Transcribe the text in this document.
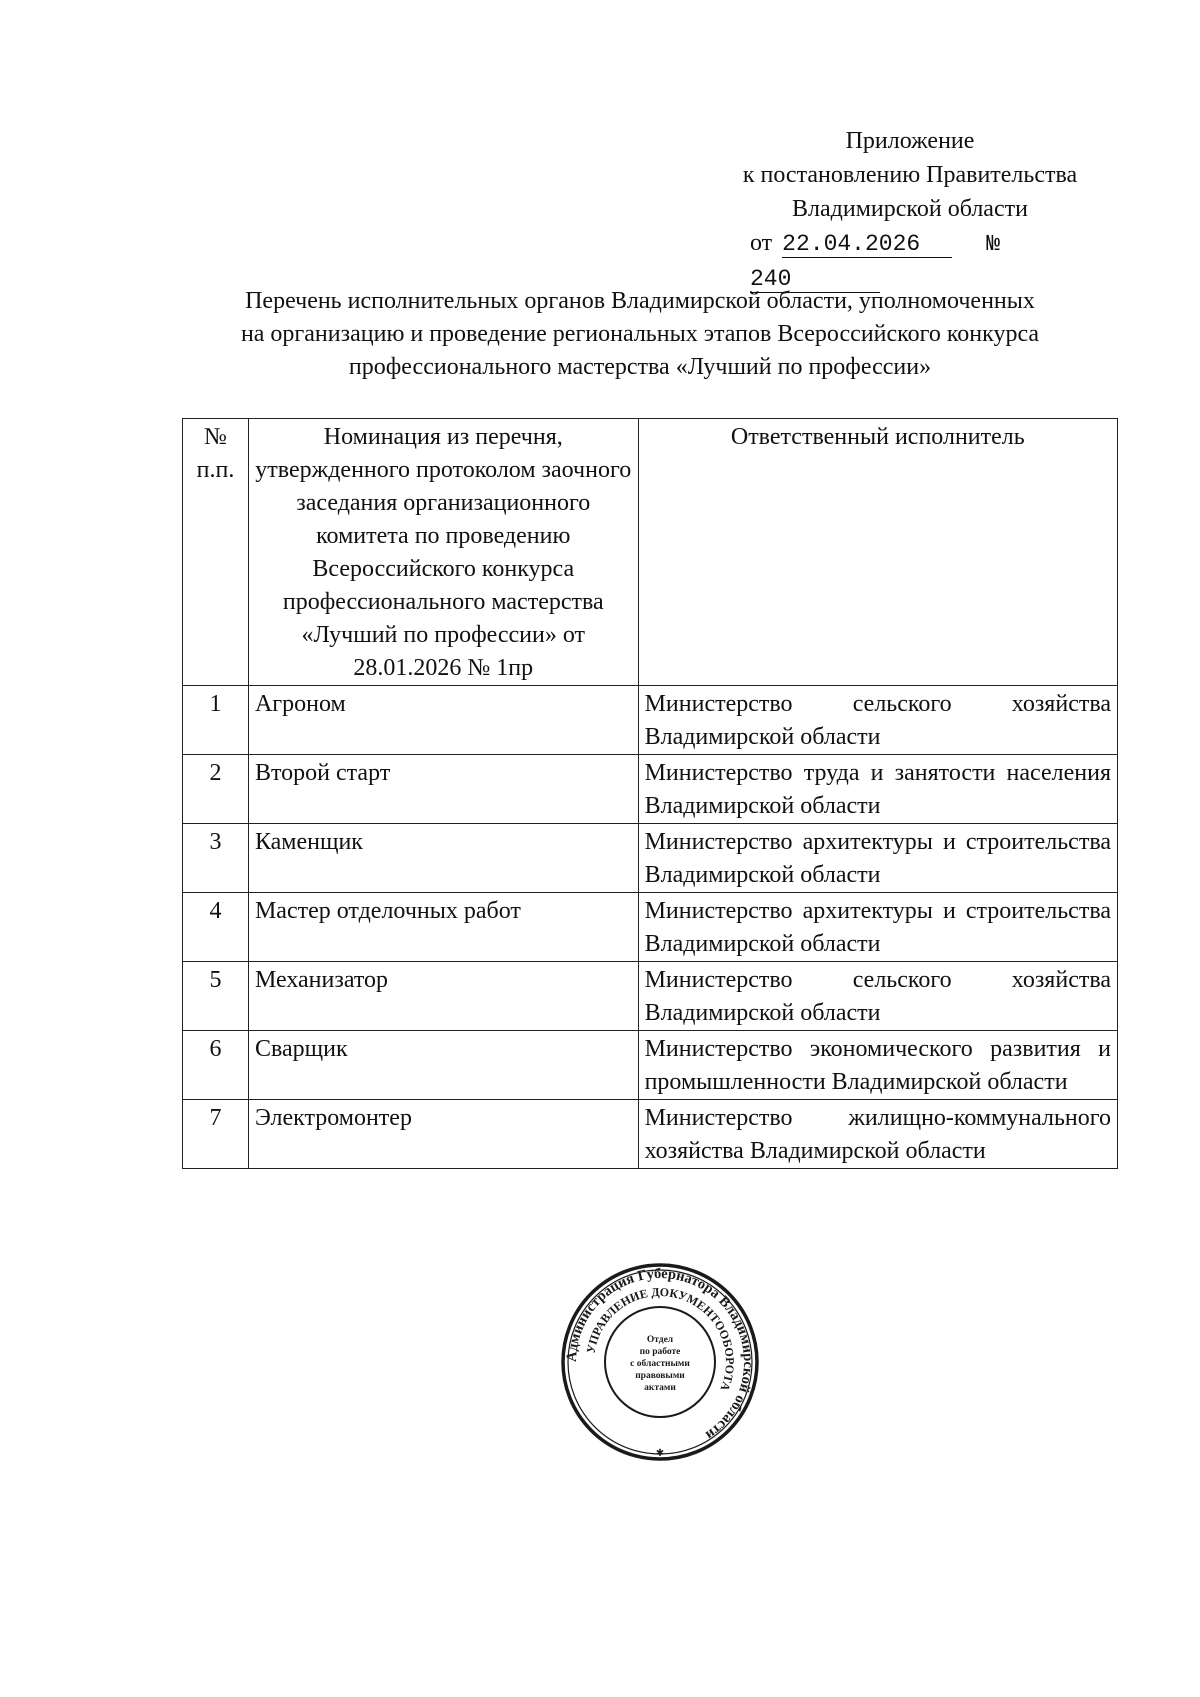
Приложение
к постановлению Правительства
Владимирской области
от 22.04.2026	№ 240
Перечень исполнительных органов Владимирской области, уполномоченных
на организацию и проведение региональных этапов Всероссийского конкурса
профессионального мастерства «Лучший по профессии»
№ п.п.	Номинация из перечня, утвержденного протоколом заочного заседания организационного комитета по проведению Всероссийского конкурса профессионального мастерства «Лучший по профессии» от 28.01.2026 № 1пр	Ответственный исполнитель
1	Агроном	Министерство сельского хозяйства Владимирской области
2	Второй старт	Министерство труда и занятости населения Владимирской области
3	Каменщик	Министерство архитектуры и строительства Владимирской области
4	Мастер отделочных работ	Министерство архитектуры и строительства Владимирской области
5	Механизатор	Министерство сельского хозяйства Владимирской области
6	Сварщик	Министерство экономического развития и промышленности Владимирской области
7	Электромонтер	Министерство жилищно-коммунального хозяйства Владимирской области
Администрация Губернатора Владимирской области
УПРАВЛЕНИЕ ДОКУМЕНТООБОРОТА
Отдел
по работе
с областными
правовыми
актами
✱
